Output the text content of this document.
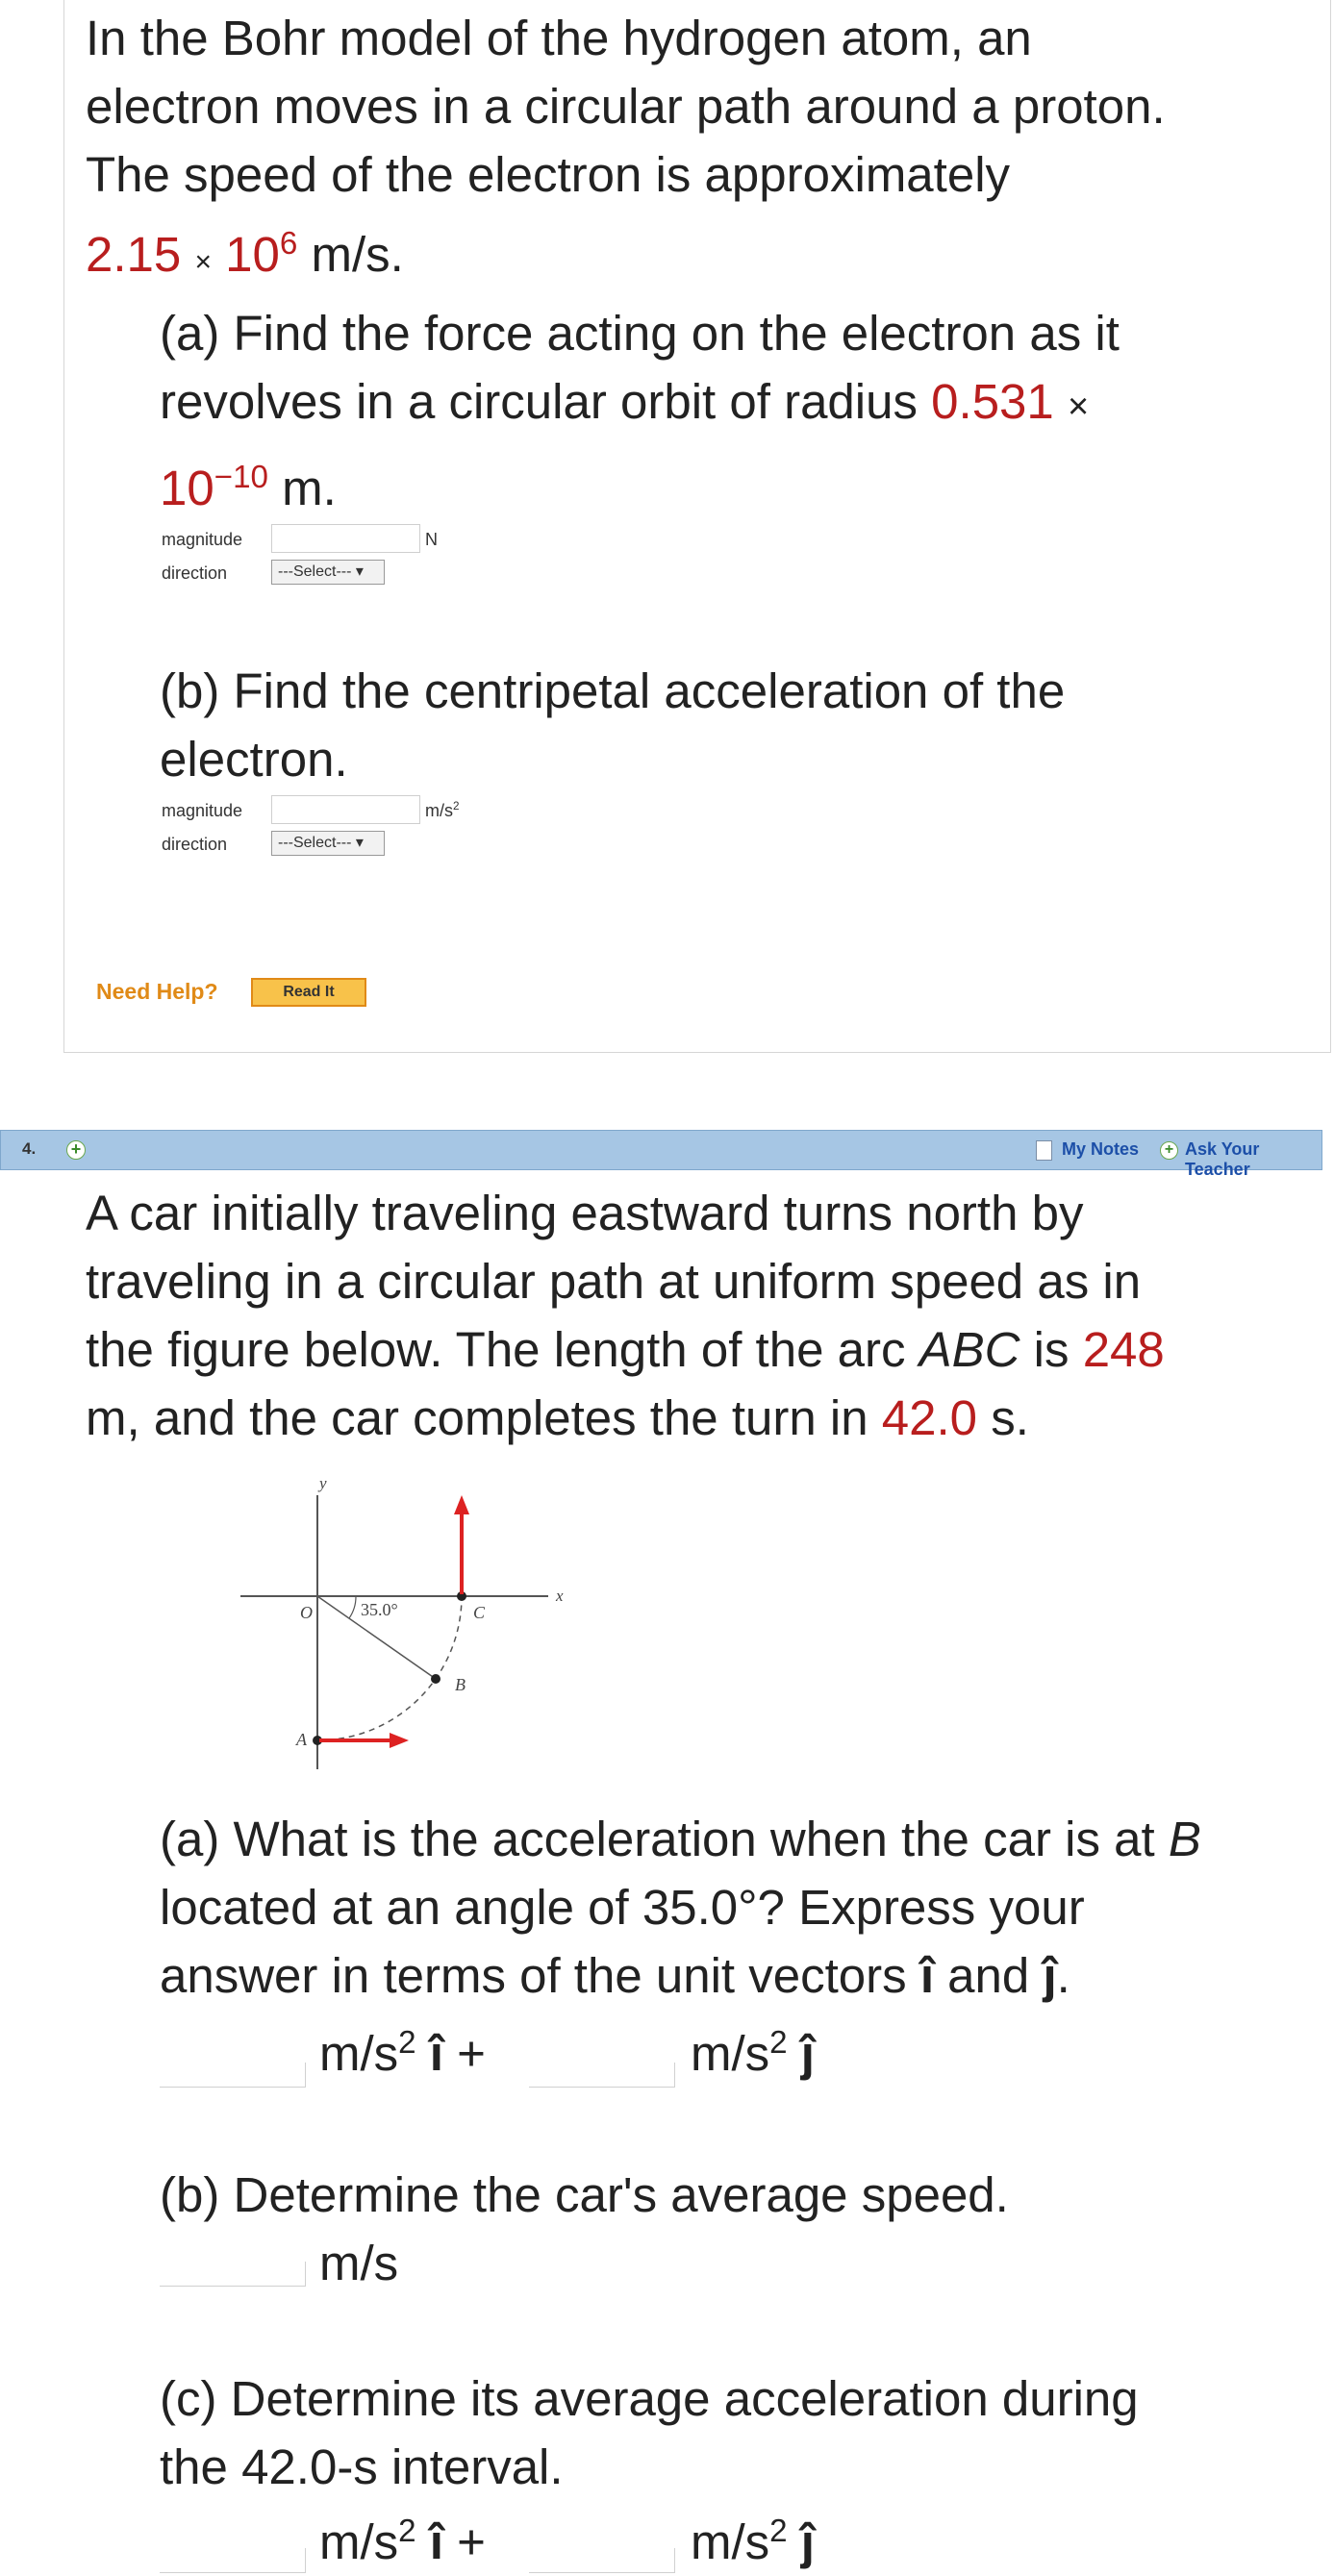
In the Bohr model of the hydrogen atom, an
electron moves in a circular path around a proton.
The speed of the electron is approximately
$2.15 \times 10^6$ m/s.
(a) Find the force acting on the electron as it
revolves in a circular orbit of radius 0.531 ×
$10^{-10}$ m.
magnitude	N
direction	---Select--- ▾
(b) Find the centripetal acceleration of the
electron.
magnitude	$m/s^2$
direction	---Select--- ▾
Need Help?	Read It
4. +	My Notes	+ Ask Your Teacher
A car initially traveling eastward turns north by
traveling in a circular path at uniform speed as in
the figure below. The length of the arc ABC is 248
m, and the car completes the turn in 42.0 s.
y
x
O	35.0°	C
B
A
(a) What is the acceleration when the car is at B
located at an angle of 35.0°? Express your
answer in terms of the unit vectors î and ĵ.
$m/s^2$ î +	$m/s^2$ ĵ
(b) Determine the car's average speed.
m/s
(c) Determine its average acceleration during
the 42.0-s interval.
$m/s^2$ î +	$m/s^2$ ĵ
